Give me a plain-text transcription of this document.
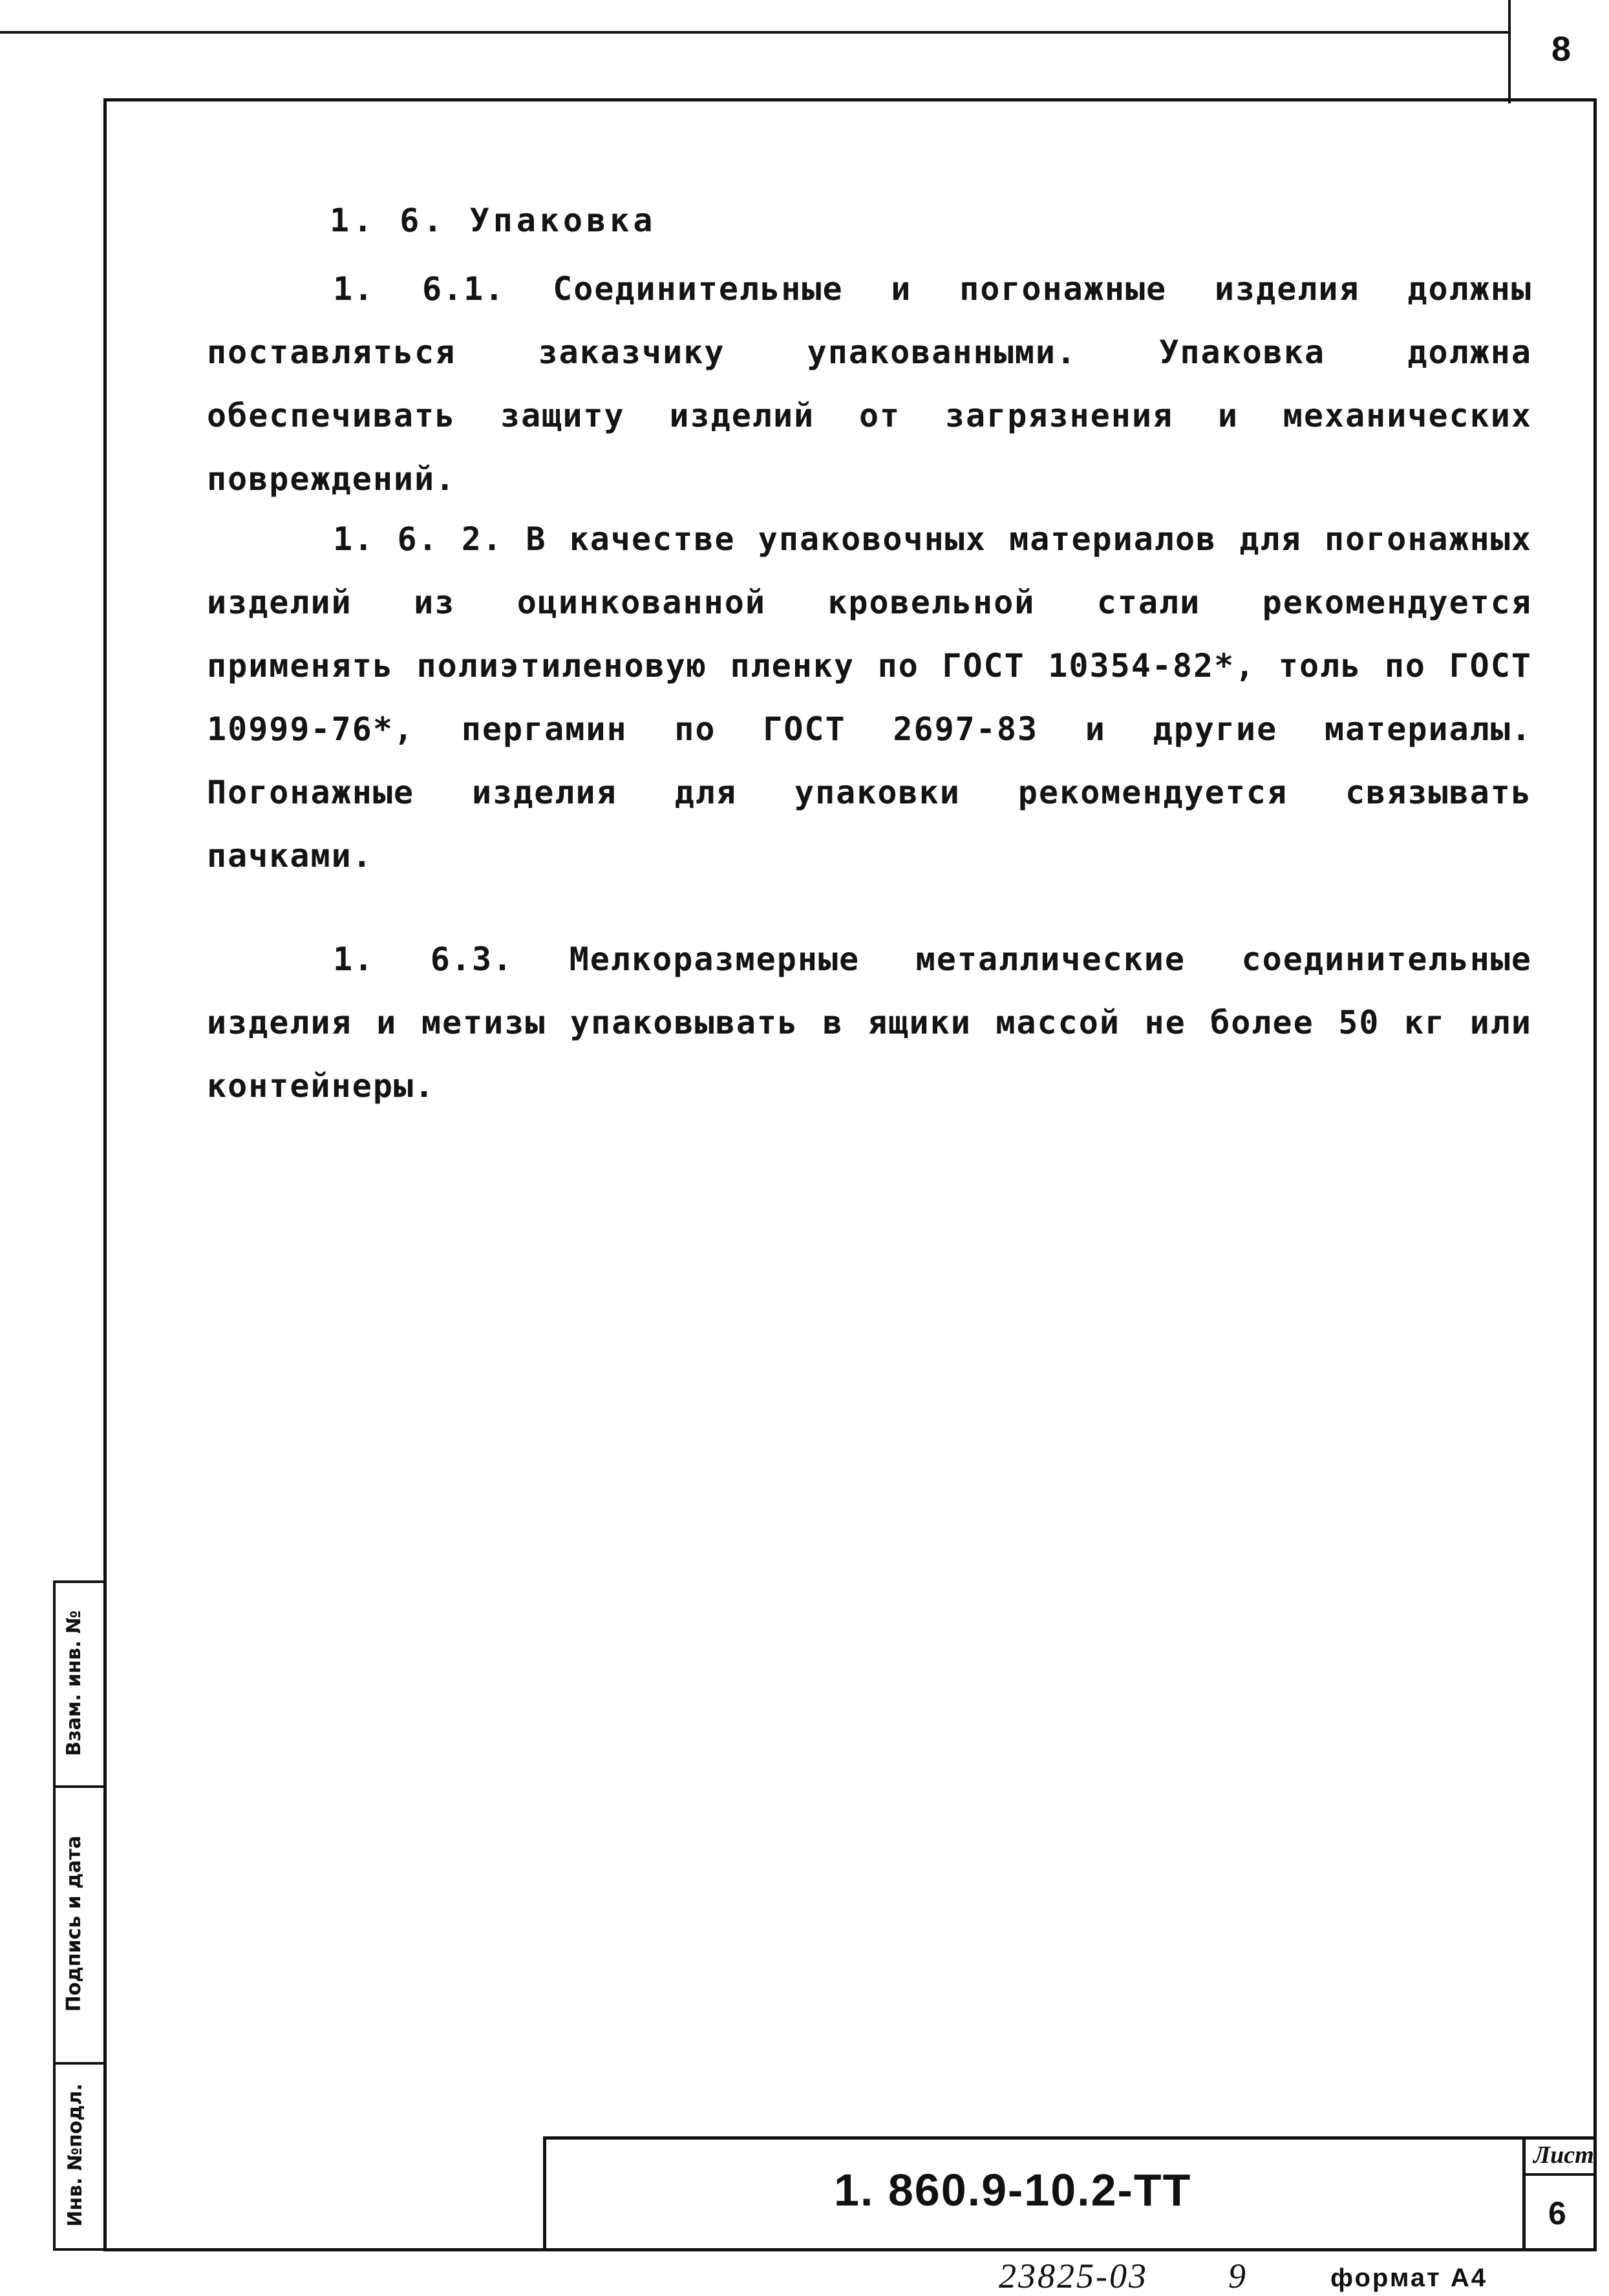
8
Взам. инв. №
Подпись и дата
Инв. №подл.
1. 6. Упаковка
1. 6.1. Соединительные и погонажные изделия должны поставляться заказчику упакованными. Упаковка должна обеспечивать защиту изделий от загрязнения и механических повреждений.
1. 6. 2. В качестве упаковочных материалов для погонажных изделий из оцинкованной кровельной стали рекомендуется применять полиэтиленовую пленку по ГОСТ 10354-82*, толь по ГОСТ 10999-76*, пергамин по ГОСТ 2697-83 и другие материалы. Погонажные изделия для упаковки рекомендуется связывать пачками.
1. 6.3. Мелкоразмерные металлические соединительные изделия и метизы упаковывать в ящики массой не более 50 кг или контейнеры.
1. 860.9-10.2-ТТ
Лист
6
23825-03 9	формат А4
